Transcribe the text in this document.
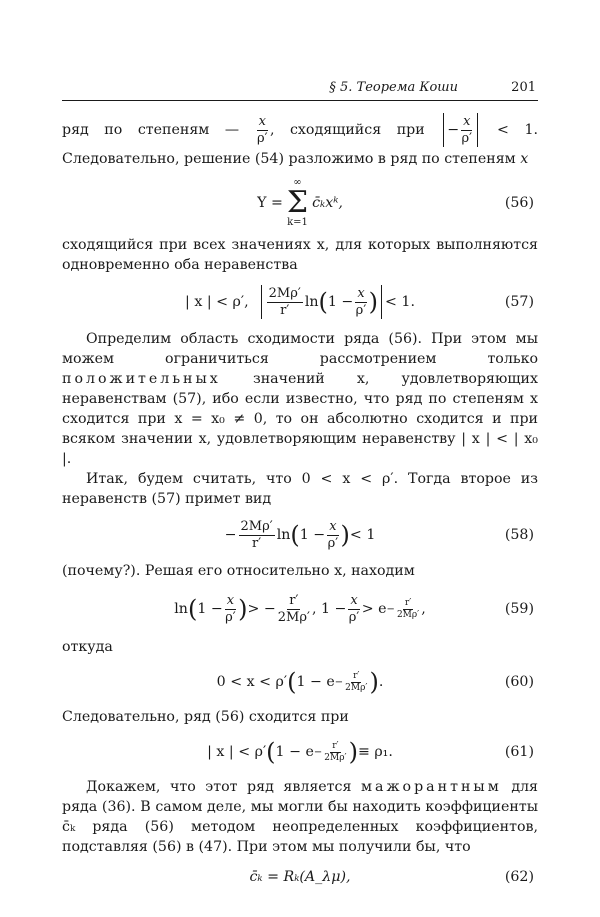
§ 5. Теорема Коши	201

ряд по степеням — $\frac{x}{\rho'}$ , сходящийся при − $\frac{x}{\rho'} < 1$. Следовательно, решение (54) разложимо в ряд по степеням x

Y =
∞
Σ
k=1
c̄ₖxᵏ,	(56)

сходящийся при всех значениях x, для которых выполняются одновременно оба неравенства

| x | < ρ′,
$\frac{2M\rho'}{r'}$ ln ( $1 - \frac{x}{\rho'}$ ) < 1.	(57)

Определим область сходимости ряда (56). При этом мы можем ограничиться рассмотрением только положительных значений x, удовлетворяющих неравенствам (57), ибо если известно, что ряд по степеням x сходится при x = x₀ ≠ 0, то он абсолютно сходится и при всяком значении x, удовлетворяющим неравенству | x | < | x₀ |.

Итак, будем считать, что 0 < x < ρ′. Тогда второе из неравенств (57) примет вид

− $\frac{2M\rho'}{r'}$ ln ( $1 - \frac{x}{\rho'}$ ) < 1	(58)

(почему?). Решая его относительно x, находим

ln ( $1 - \frac{x}{\rho'}$ ) > − $\frac{r'}{2M\rho'}$ , $1 - \frac{x}{\rho'} > e - \frac{r'}{2M\rho'}$ ,	(59)

откуда

0 < x < ρ′ ( $1 - e - \frac{r'}{2M\rho'}$ ) .	(60)

Следовательно, ряд (56) сходится при

| x | < ρ′ ( $1 - e - \frac{r'}{2M\rho'}$ ) ≡ ρ₁.	(61)

Докажем, что этот ряд является мажорантным для ряда (36). В самом деле, мы могли бы находить коэффициенты c̄ₖ ряда (56) методом неопределенных коэффициентов, подставляя (56) в (47). При этом мы получили бы, что

c̄ₖ = Rₖ(A_λμ),	(62)
